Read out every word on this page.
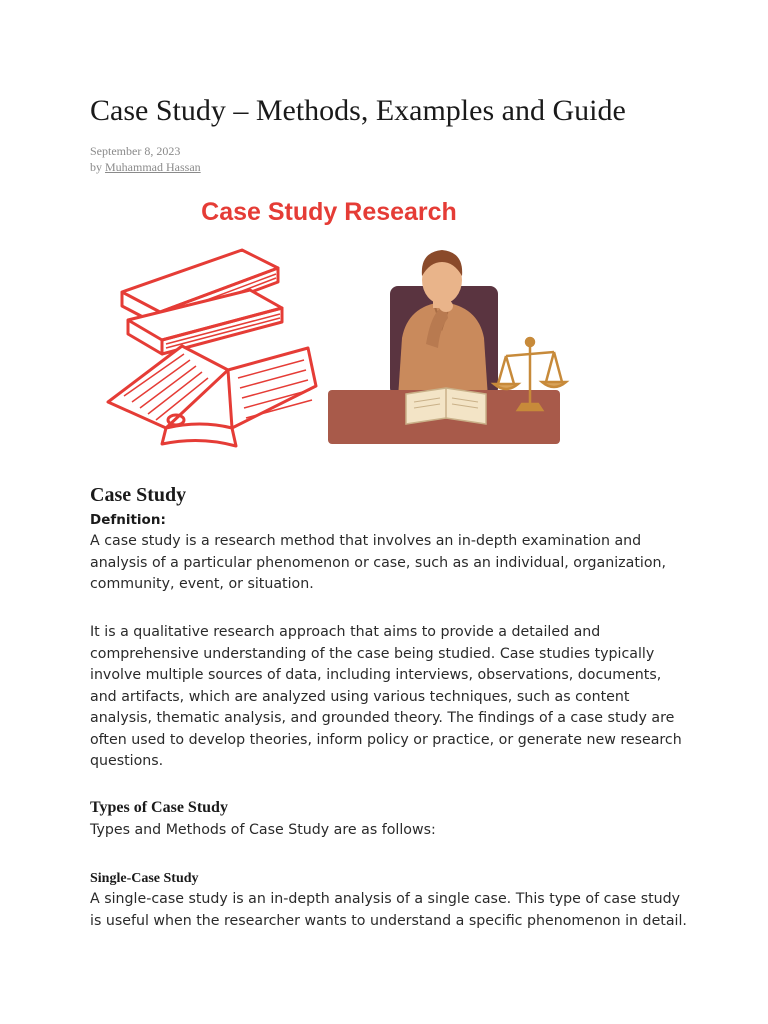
Case Study – Methods, Examples and Guide
September 8, 2023
by Muhammad Hassan
Case Study Research
Case Study
Defnition:

A case study is a research method that involves an in-depth examination and analysis of a particular phenomenon or case, such as an individual, organization, community, event, or situation.

It is a qualitative research approach that aims to provide a detailed and comprehensive understanding of the case being studied. Case studies typically involve multiple sources of data, including interviews, observations, documents, and artifacts, which are analyzed using various techniques, such as content analysis, thematic analysis, and grounded theory. The findings of a case study are often used to develop theories, inform policy or practice, or generate new research questions.

Types of Case Study

Types and Methods of Case Study are as follows:

Single-Case Study

A single-case study is an in-depth analysis of a single case. This type of case study is useful when the researcher wants to understand a specific phenomenon in detail.
